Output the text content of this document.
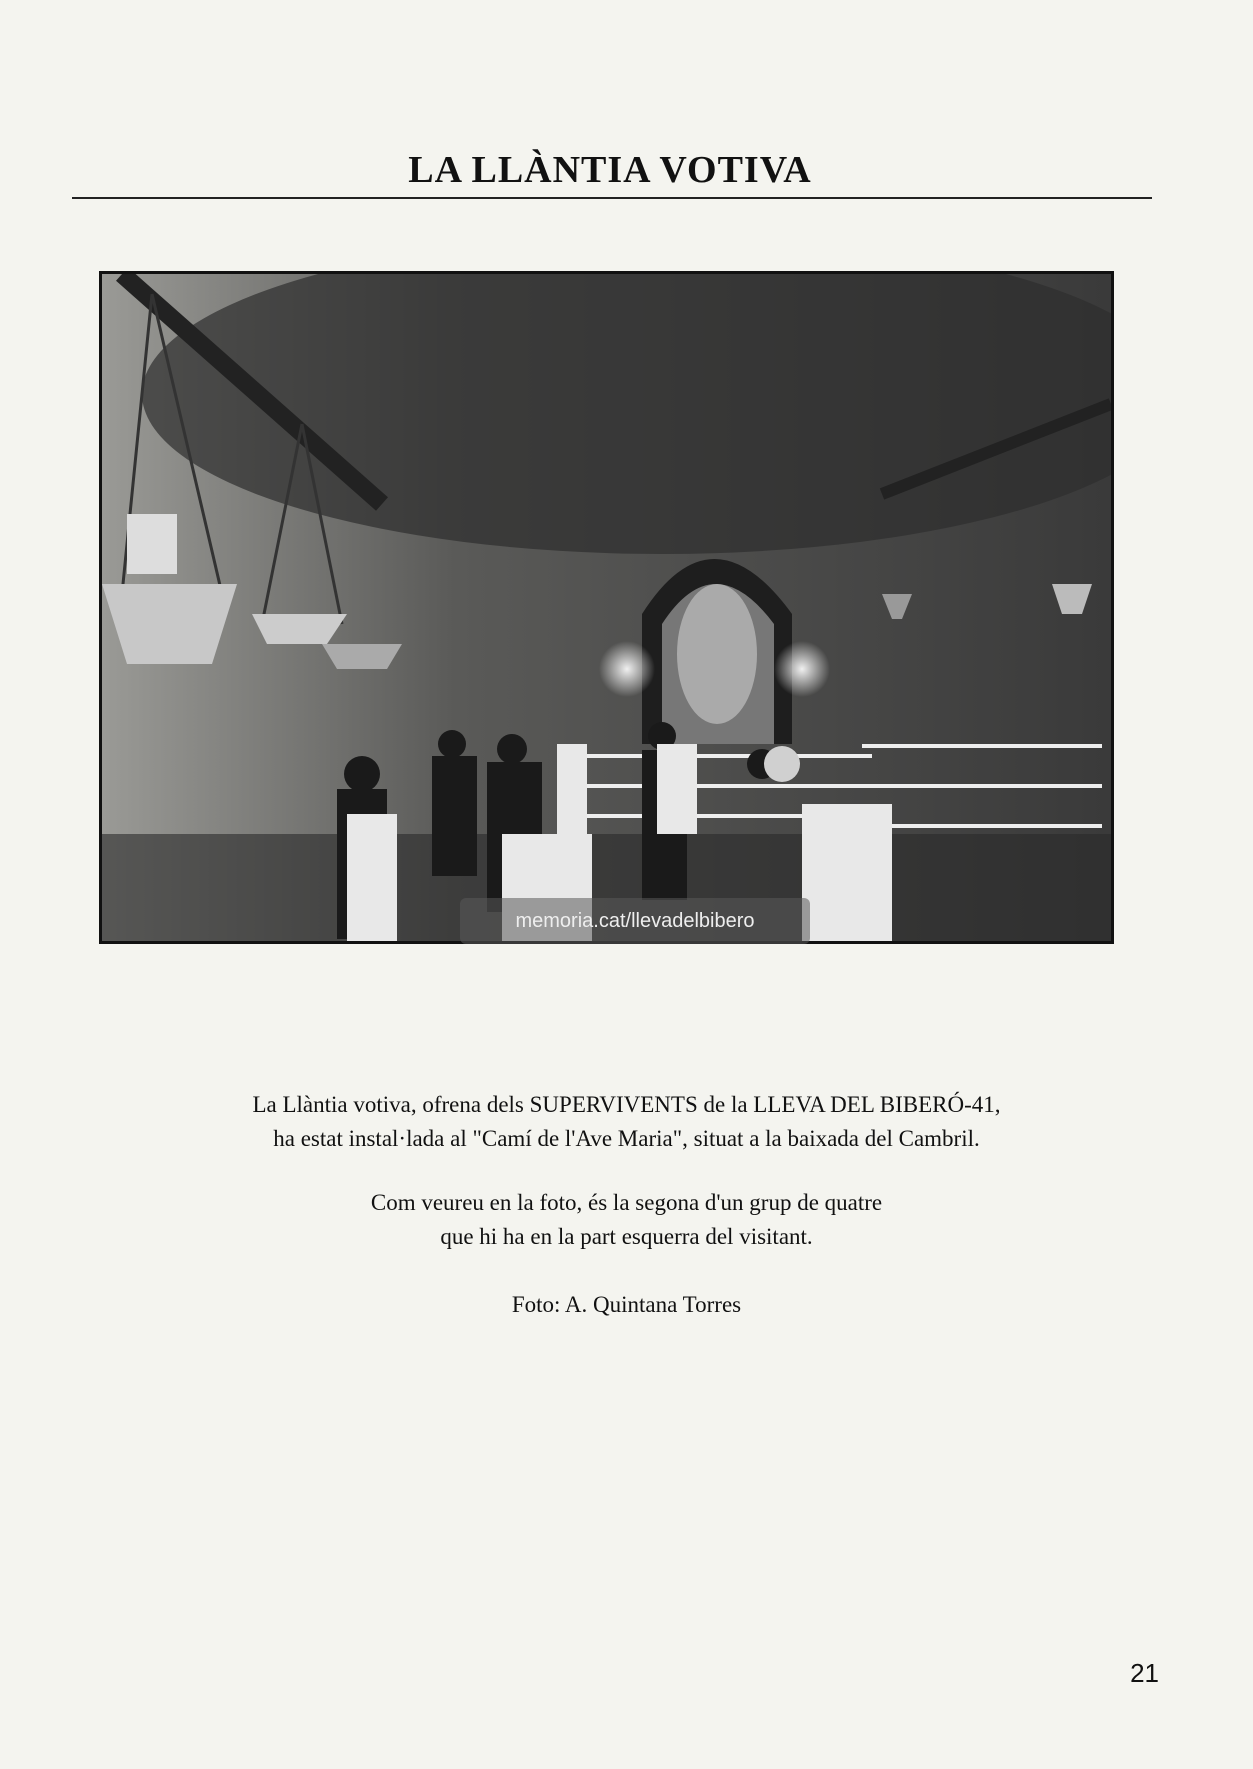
LA LLÀNTIA VOTIVA
memoria.cat/llevadelbibero
La Llàntia votiva, ofrena dels SUPERVIVENTS de la LLEVA DEL BIBERÓ-41,
ha estat instal·lada al "Camí de l'Ave Maria", situat a la baixada del Cambril.
Com veureu en la foto, és la segona d'un grup de quatre
que hi ha en la part esquerra del visitant.
Foto: A. Quintana Torres
21
